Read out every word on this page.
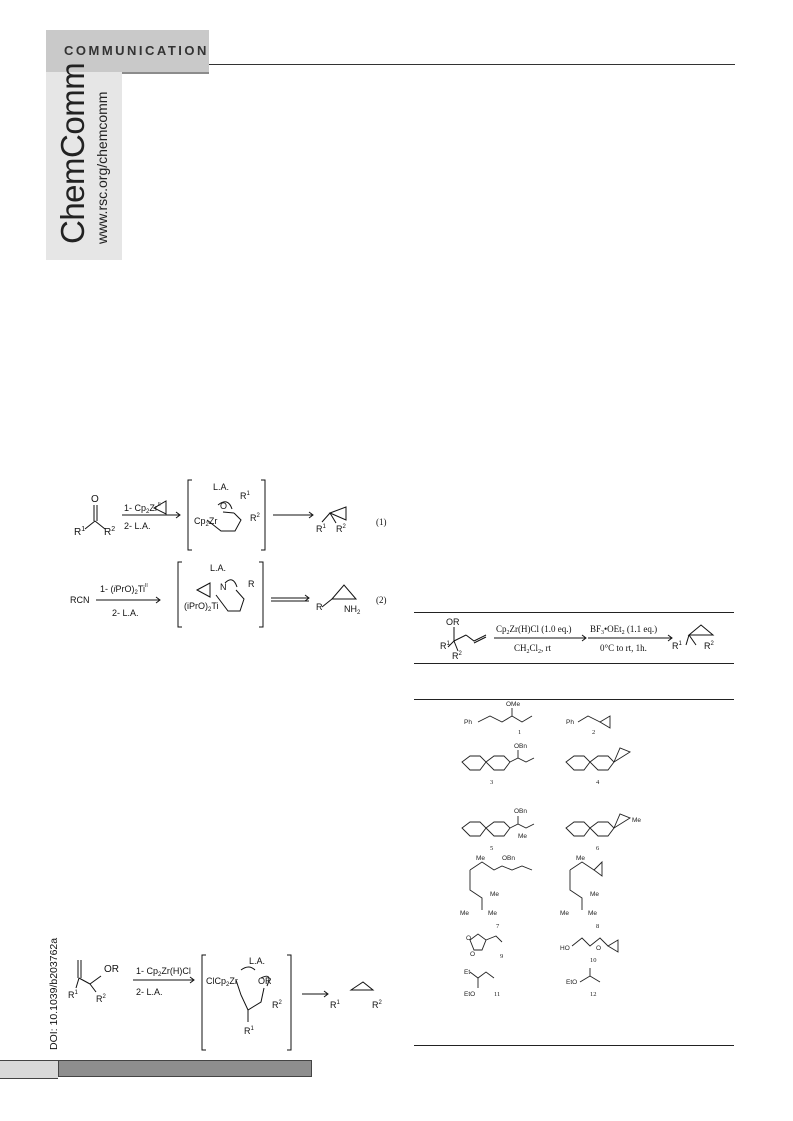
COMMUNICATION
ChemComm www.rsc.org/chemcomm
O
$R^1$ $R^2$
1- $Cp_2Zr^{II}$
2- L.A.
L.A.
O
$R^1$
$R^2$
$Cp_2Zr$
$R^1$ $R^2$	(1)
RCN
1- $(iPrO)_2Ti^{II}$
2- L.A.
L.A.
N R
$(iPrO)_2Ti$	R $NH_2$
(2)
DOI: 10.1039/b203762a	OR
$R^1$
$R^2$
1- $Cp_2Zr(H)Cl$
2- L.A.
L.A.
ClCp$_2$Zr OR
$R^2$
$R^1$
$R^1$	$R^2$
OR
$R^1$
$R^2$
$Cp_2Zr(H)Cl$ (1.0 eq.)
$CH_2Cl_2$, rt
$BF_3•OEt_2$ (1.1 eq.)
0°C to rt, 1h.	$R^1$ $R^2$
Ph
OMe
1
Ph
2
OBn
3	4
OBn
Me
5
Me
6
Me	OBn
Me
Me	Me
7
Me
Me
Me	Me
8
O
O	9
HO	O
10
Et
EtO	11
EtO
12
